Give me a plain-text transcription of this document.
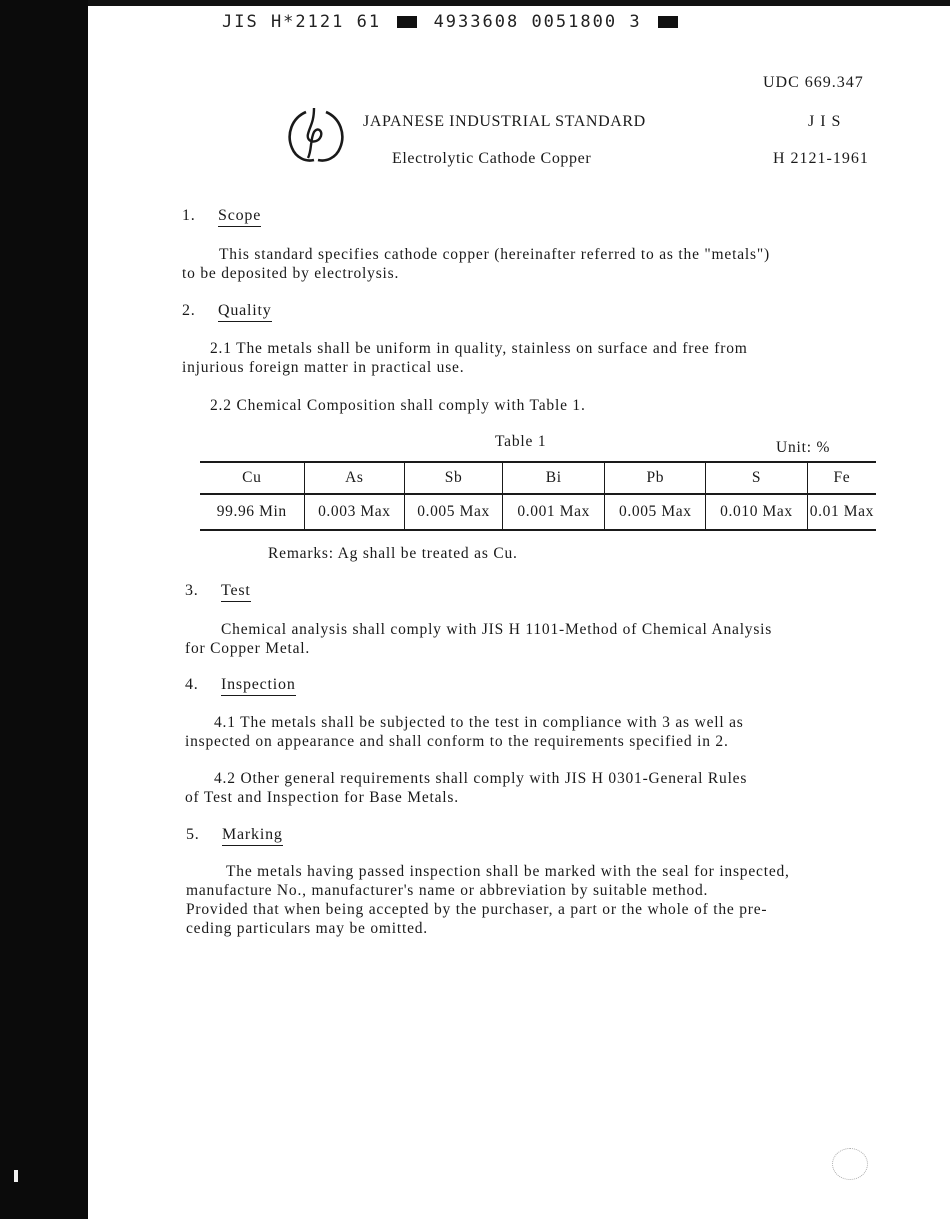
JIS H*2121 61	4933608 0051800 3
UDC 669.347
J I S
H 2121-1961
JAPANESE INDUSTRIAL STANDARD
Electrolytic Cathode Copper
1. Scope
This standard specifies cathode copper (hereinafter referred to as the "metals")
to be deposited by electrolysis.
2. Quality
2.1 The metals shall be uniform in quality, stainless on surface and free from
injurious foreign matter in practical use.
2.2 Chemical Composition shall comply with Table 1.
Table 1	Unit: %
Cu	As	Sb	Bi	Pb	S	Fe
99.96 Min	0.003 Max	0.005 Max	0.001 Max	0.005 Max	0.010 Max	0.01 Max
Remarks: Ag shall be treated as Cu.
3. Test
Chemical analysis shall comply with JIS H 1101-Method of Chemical Analysis
for Copper Metal.
4. Inspection
4.1 The metals shall be subjected to the test in compliance with 3 as well as
inspected on appearance and shall conform to the requirements specified in 2.
4.2 Other general requirements shall comply with JIS H 0301-General Rules
of Test and Inspection for Base Metals.
5. Marking
The metals having passed inspection shall be marked with the seal for inspected,
manufacture No., manufacturer's name or abbreviation by suitable method.
Provided that when being accepted by the purchaser, a part or the whole of the pre-
ceding particulars may be omitted.
